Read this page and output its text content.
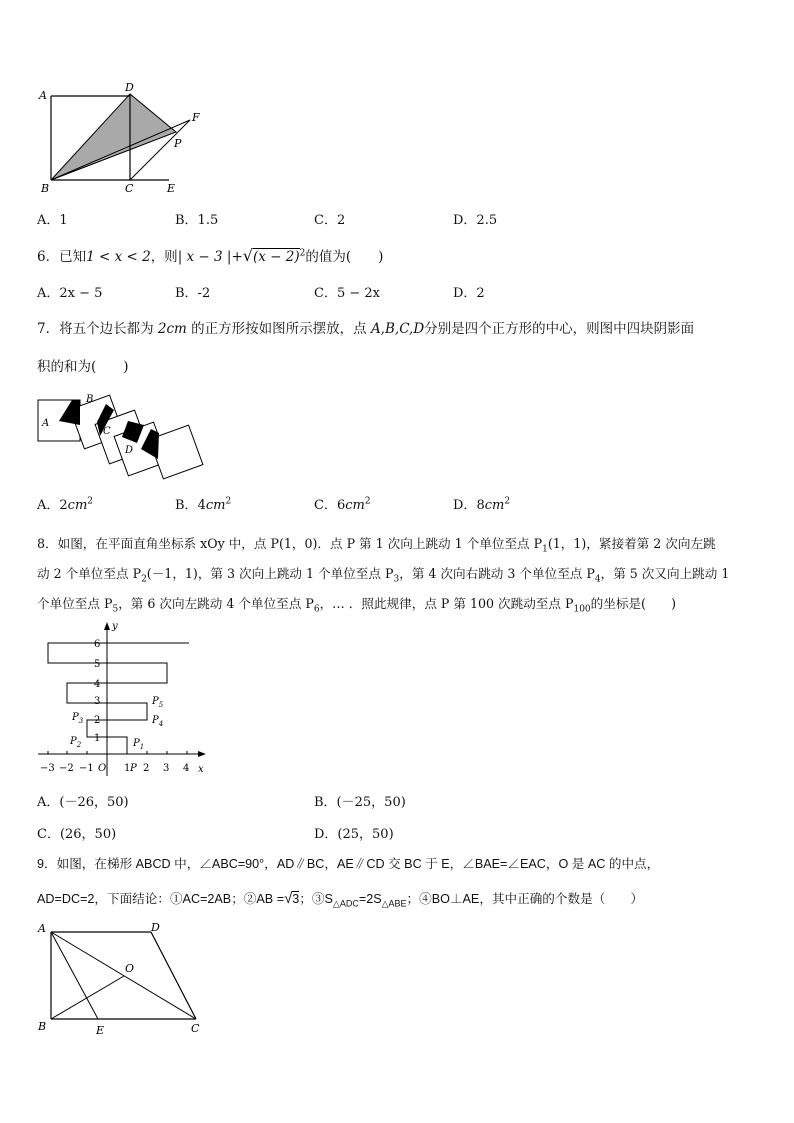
A
D
F
P
B	C	E
A．1	B．1.5	C．2	D．2.5
6．已知1 < x < 2，则| x − 3 $|+√(x - 2)^2$的值为(　　)
A．2x − 5	B．-2	C．5 − 2x	D．2
7．将五个边长都为 2cm 的正方形按如图所示摆放，点 A,B,C,D分别是四个正方形的中心，则图中四块阴影面
积的和为(　　)
A
B
C
D
A．$2cm^2$	B．$4cm^2$	C．$6cm^2$	D．$8cm^2$
8．如图，在平面直角坐标系 xOy 中，点 P(1，0)．点 P 第 1 次向上跳动 1 个单位至点 $P_1(1$，1)，紧接着第 2 次向左跳
动 2 个单位至点 $P_2(-1$，1)，第 3 次向上跳动 1 个单位至点 $P_3$，第 4 次向右跳动 3 个单位至点 $P_4$，第 5 次又向上跳动 1
个单位至点 $P_5$，第 6 次向左跳动 4 个单位至点 $P_6$，… ．照此规律，点 P 第 100 次跳动至点 $P_{100}$的坐标是(　　)
y
x
O
6
5
4
3
2
1
−3 −2 −1	1 2 3 4
P
$P_1$
$P_2$
$P_3$	$P_4$
$P_5$
A．(－26，50)	B．(－25，50)
C．(26，50)	D．(25，50)
9．如图，在梯形 ABCD 中，∠ABC=90°，AD∥BC，AE∥CD 交 BC 于 E，∠BAE=∠EAC，O 是 AC 的中点，
AD=DC=2，下面结论：①AC=2AB；②AB =√3；$③S_{\triangle ADC}=2S_{\triangle ABE}$；④BO⊥AE，其中正确的个数是（　　）
A	D
O
B	E	C
